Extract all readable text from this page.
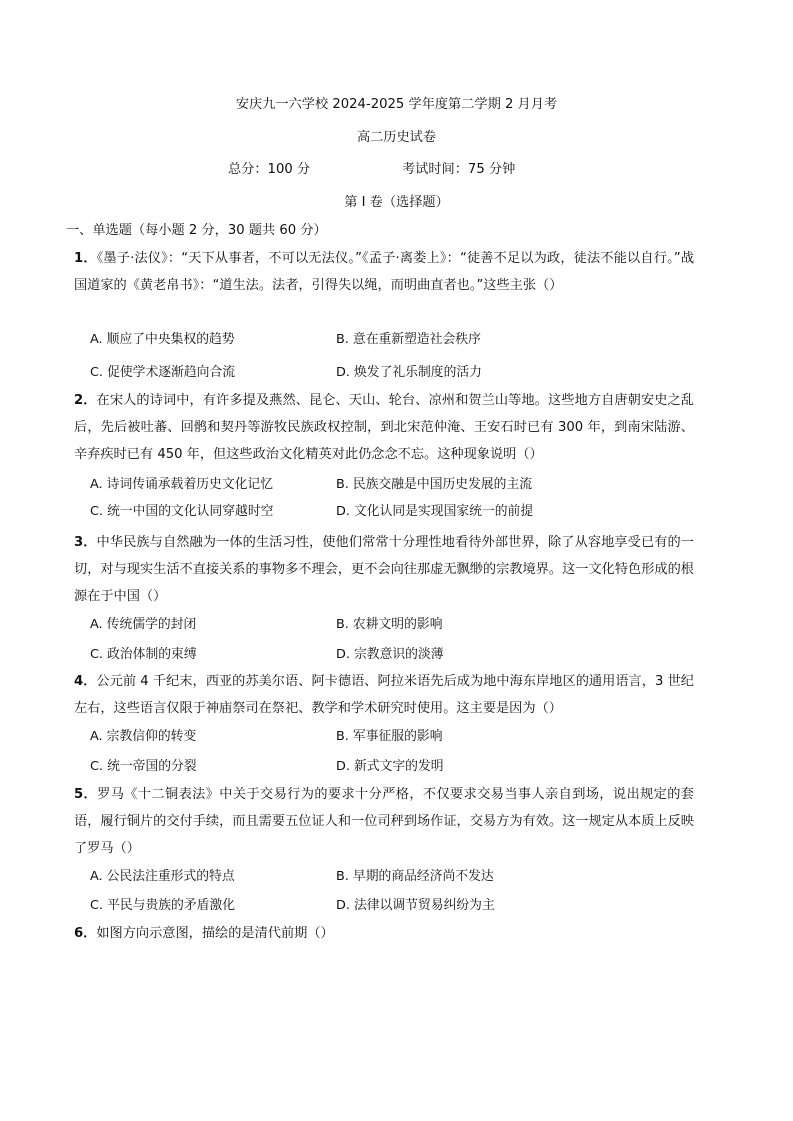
安庆九一六学校 2024-2025 学年度第二学期 2 月月考
高二历史试卷
总分：100 分	考试时间：75 分钟
第 I 卷（选择题）
一、单选题（每小题 2 分，30 题共 60 分）
1．《墨子·法仪》：“天下从事者，不可以无法仪。”《孟子·离娄上》：“徒善不足以为政，徒法不能以自行。”战国道家的《黄老帛书》：“道生法。法者，引得失以绳，而明曲直者也。”这些主张（）
A. 顺应了中央集权的趋势	B. 意在重新塑造社会秩序
C. 促使学术逐渐趋向合流	D. 焕发了礼乐制度的活力
2．在宋人的诗词中，有许多提及燕然、昆仑、天山、轮台、凉州和贺兰山等地。这些地方自唐朝安史之乱后，先后被吐蕃、回鹘和契丹等游牧民族政权控制，到北宋范仲淹、王安石时已有 300 年，到南宋陆游、辛弃疾时已有 450 年，但这些政治文化精英对此仍念念不忘。这种现象说明（）
A. 诗词传诵承载着历史文化记忆	B. 民族交融是中国历史发展的主流
C. 统一中国的文化认同穿越时空	D. 文化认同是实现国家统一的前提
3．中华民族与自然融为一体的生活习性，使他们常常十分理性地看待外部世界，除了从容地享受已有的一切，对与现实生活不直接关系的事物多不理会，更不会向往那虚无飘缈的宗教境界。这一文化特色形成的根源在于中国（）
A. 传统儒学的封闭	B. 农耕文明的影响
C. 政治体制的束缚	D. 宗教意识的淡薄
4．公元前 4 千纪末，西亚的苏美尔语、阿卡德语、阿拉米语先后成为地中海东岸地区的通用语言，3 世纪左右，这些语言仅限于神庙祭司在祭祀、教学和学术研究时使用。这主要是因为（）
A. 宗教信仰的转变	B. 军事征服的影响
C. 统一帝国的分裂	D. 新式文字的发明
5．罗马《十二铜表法》中关于交易行为的要求十分严格，不仅要求交易当事人亲自到场，说出规定的套语，履行铜片的交付手续，而且需要五位证人和一位司秤到场作证，交易方为有效。这一规定从本质上反映了罗马（）
A. 公民法注重形式的特点	B. 早期的商品经济尚不发达
C. 平民与贵族的矛盾激化	D. 法律以调节贸易纠纷为主
6．如图方向示意图，描绘的是清代前期（）
